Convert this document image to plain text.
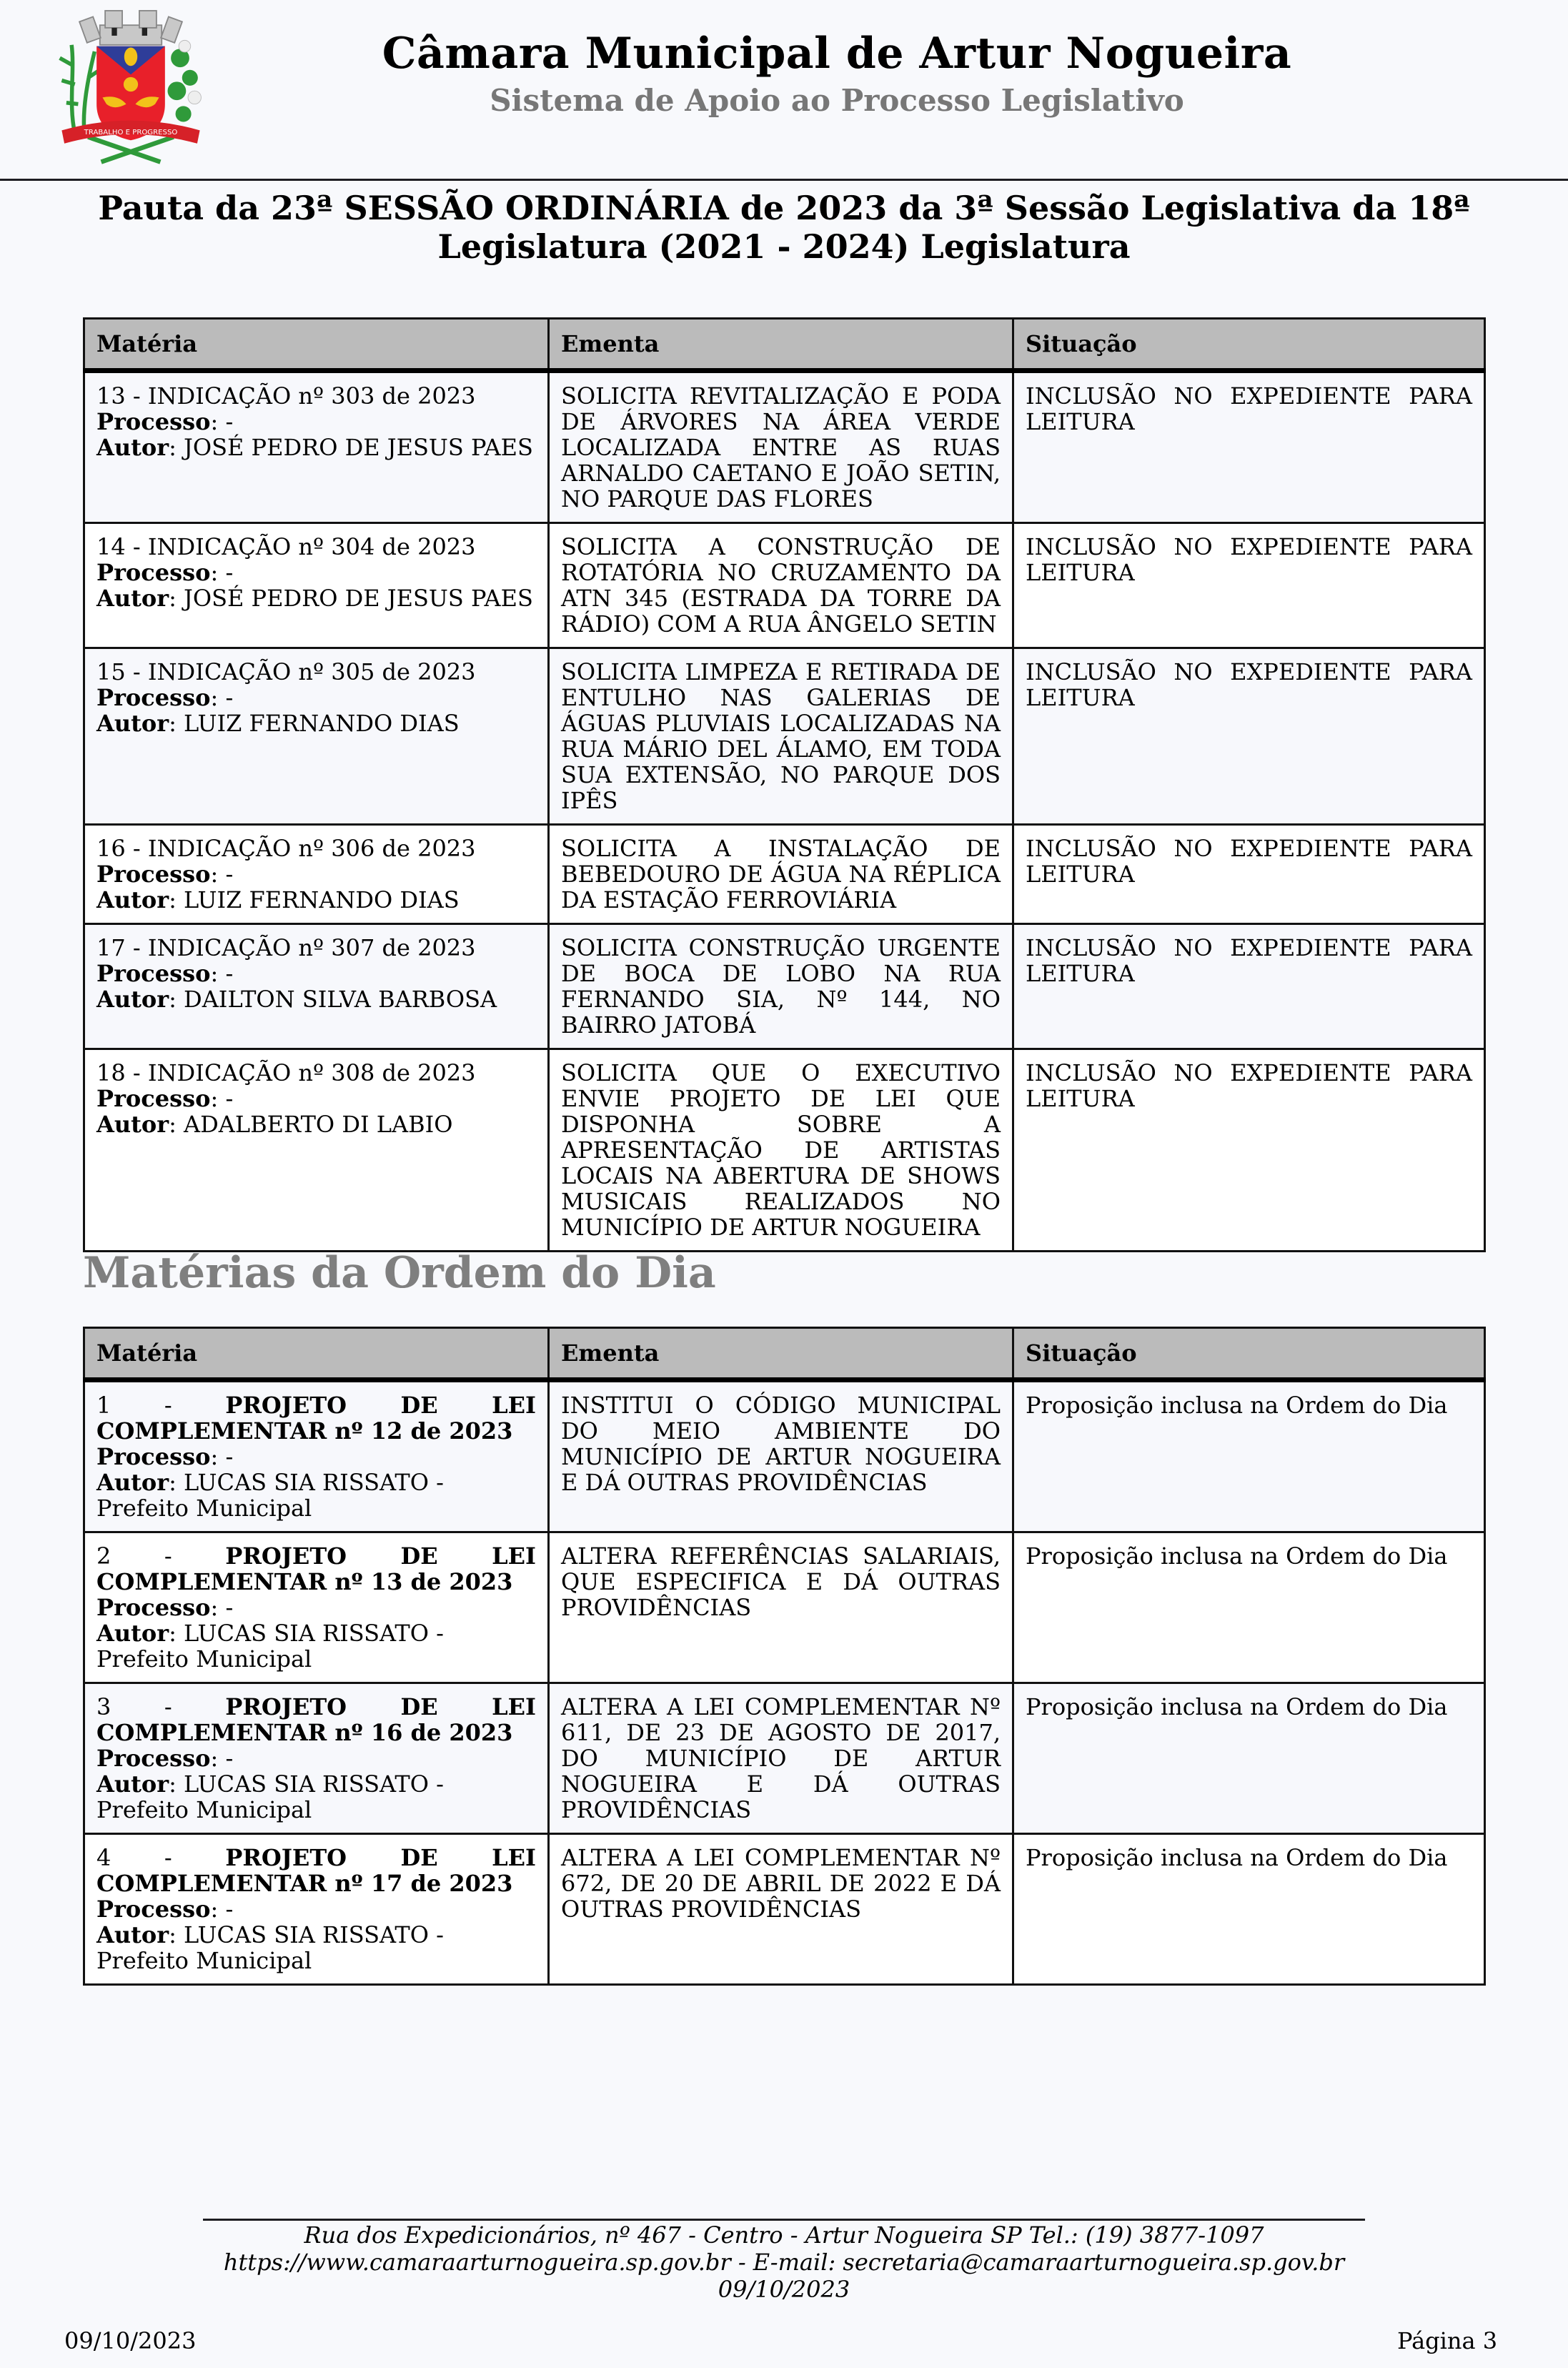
TRABALHO E PROGRESSO
Câmara Municipal de Artur Nogueira
Sistema de Apoio ao Processo Legislativo
Pauta da 23ª SESSÃO ORDINÁRIA de 2023 da 3ª Sessão Legislativa da 18ª Legislatura (2021 - 2024) Legislatura
Matéria	Ementa	Situação

13 - INDICAÇÃO nº 303 de 2023
Processo: -
Autor: JOSÉ PEDRO DE JESUS PAES	SOLICITA REVITALIZAÇÃO E PODA DE ÁRVORES NA ÁREA VERDE LOCALIZADA ENTRE AS RUAS ARNALDO CAETANO E JOÃO SETIN, NO PARQUE DAS FLORES	INCLUSÃO NO EXPEDIENTE PARA LEITURA

14 - INDICAÇÃO nº 304 de 2023
Processo: -
Autor: JOSÉ PEDRO DE JESUS PAES	SOLICITA A CONSTRUÇÃO DE ROTATÓRIA NO CRUZAMENTO DA ATN 345 (ESTRADA DA TORRE DA RÁDIO) COM A RUA ÂNGELO SETIN	INCLUSÃO NO EXPEDIENTE PARA LEITURA

15 - INDICAÇÃO nº 305 de 2023
Processo: -
Autor: LUIZ FERNANDO DIAS	SOLICITA LIMPEZA E RETIRADA DE ENTULHO NAS GALERIAS DE ÁGUAS PLUVIAIS LOCALIZADAS NA RUA MÁRIO DEL ÁLAMO, EM TODA SUA EXTENSÃO, NO PARQUE DOS IPÊS	INCLUSÃO NO EXPEDIENTE PARA LEITURA

16 - INDICAÇÃO nº 306 de 2023
Processo: -
Autor: LUIZ FERNANDO DIAS	SOLICITA A INSTALAÇÃO DE BEBEDOURO DE ÁGUA NA RÉPLICA DA ESTAÇÃO FERROVIÁRIA	INCLUSÃO NO EXPEDIENTE PARA LEITURA

17 - INDICAÇÃO nº 307 de 2023
Processo: -
Autor: DAILTON SILVA BARBOSA	SOLICITA CONSTRUÇÃO URGENTE DE BOCA DE LOBO NA RUA FERNANDO SIA, Nº 144, NO BAIRRO JATOBÁ	INCLUSÃO NO EXPEDIENTE PARA LEITURA

18 - INDICAÇÃO nº 308 de 2023
Processo: -
Autor: ADALBERTO DI LABIO	SOLICITA QUE O EXECUTIVO ENVIE PROJETO DE LEI QUE DISPONHA SOBRE A APRESENTAÇÃO DE ARTISTAS LOCAIS NA ABERTURA DE SHOWS MUSICAIS REALIZADOS NO MUNICÍPIO DE ARTUR NOGUEIRA	INCLUSÃO NO EXPEDIENTE PARA LEITURA
Matérias da Ordem do Dia
Matéria	Ementa	Situação

1 - PROJETO DE LEI COMPLEMENTAR nº 12 de 2023
Processo: -
Autor: LUCAS SIA RISSATO - Prefeito Municipal	INSTITUI O CÓDIGO MUNICIPAL DO MEIO AMBIENTE DO MUNICÍPIO DE ARTUR NOGUEIRA E DÁ OUTRAS PROVIDÊNCIAS	Proposição inclusa na Ordem do Dia

2 - PROJETO DE LEI COMPLEMENTAR nº 13 de 2023
Processo: -
Autor: LUCAS SIA RISSATO - Prefeito Municipal	ALTERA REFERÊNCIAS SALARIAIS, QUE ESPECIFICA E DÁ OUTRAS PROVIDÊNCIAS	Proposição inclusa na Ordem do Dia

3 - PROJETO DE LEI COMPLEMENTAR nº 16 de 2023
Processo: -
Autor: LUCAS SIA RISSATO - Prefeito Municipal	ALTERA A LEI COMPLEMENTAR Nº 611, DE 23 DE AGOSTO DE 2017, DO MUNICÍPIO DE ARTUR NOGUEIRA E DÁ OUTRAS PROVIDÊNCIAS	Proposição inclusa na Ordem do Dia

4 - PROJETO DE LEI COMPLEMENTAR nº 17 de 2023
Processo: -
Autor: LUCAS SIA RISSATO - Prefeito Municipal	ALTERA A LEI COMPLEMENTAR Nº 672, DE 20 DE ABRIL DE 2022 E DÁ OUTRAS PROVIDÊNCIAS	Proposição inclusa na Ordem do Dia
Rua dos Expedicionários, nº 467 - Centro - Artur Nogueira SP Tel.: (19) 3877-1097 https://www.camaraarturnogueira.sp.gov.br - E-mail: secretaria@camaraarturnogueira.sp.gov.br
09/10/2023
09/10/2023	Página 3
